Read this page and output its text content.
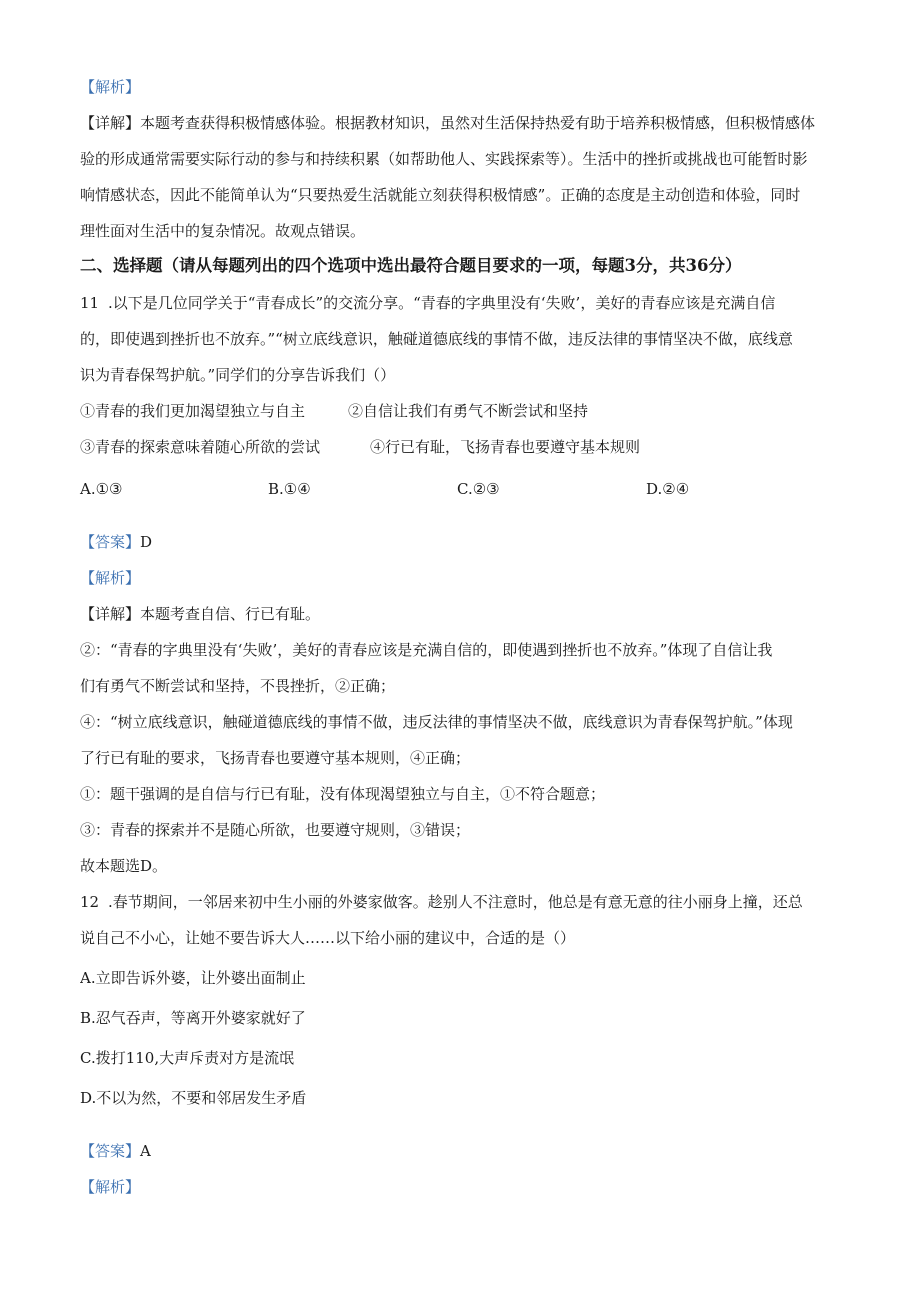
【解析】
【详解】本题考查获得积极情感体验。根据教材知识，虽然对生活保持热爱有助于培养积极情感，但积极情感体
验的形成通常需要实际行动的参与和持续积累（如帮助他人、实践探索等）。生活中的挫折或挑战也可能暂时影
响情感状态，因此不能简单认为“只要热爱生活就能立刻获得积极情感”。正确的态度是主动创造和体验，同时
理性面对生活中的复杂情况。故观点错误。
二、选择题（请从每题列出的四个选项中选出最符合题目要求的一项，每题3分，共36分）
11 .以下是几位同学关于“青春成长”的交流分享。“青春的字典里没有‘失败’，美好的青春应该是充满自信
的，即使遇到挫折也不放弃。”“树立底线意识，触碰道德底线的事情不做，违反法律的事情坚决不做，底线意
识为青春保驾护航。”同学们的分享告诉我们（）
①青春的我们更加渴望独立与自主	②自信让我们有勇气不断尝试和坚持
③青春的探索意味着随心所欲的尝试	④行已有耻，飞扬青春也要遵守基本规则
A.①③	B.①④	C.②③	D.②④
【答案】D
【解析】
【详解】本题考查自信、行已有耻。
②：“青春的字典里没有‘失败’，美好的青春应该是充满自信的，即使遇到挫折也不放弃。”体现了自信让我
们有勇气不断尝试和坚持，不畏挫折，②正确；
④：“树立底线意识，触碰道德底线的事情不做，违反法律的事情坚决不做，底线意识为青春保驾护航。”体现
了行已有耻的要求，飞扬青春也要遵守基本规则，④正确；
①：题干强调的是自信与行已有耻，没有体现渴望独立与自主，①不符合题意；
③：青春的探索并不是随心所欲，也要遵守规则，③错误；
故本题选D。
12 .春节期间，一邻居来初中生小丽的外婆家做客。趁别人不注意时，他总是有意无意的往小丽身上撞，还总
说自己不小心，让她不要告诉大人……以下给小丽的建议中，合适的是（）
A.立即告诉外婆，让外婆出面制止
B.忍气吞声，等离开外婆家就好了
C.拨打110,大声斥责对方是流氓
D.不以为然，不要和邻居发生矛盾
【答案】A
【解析】
